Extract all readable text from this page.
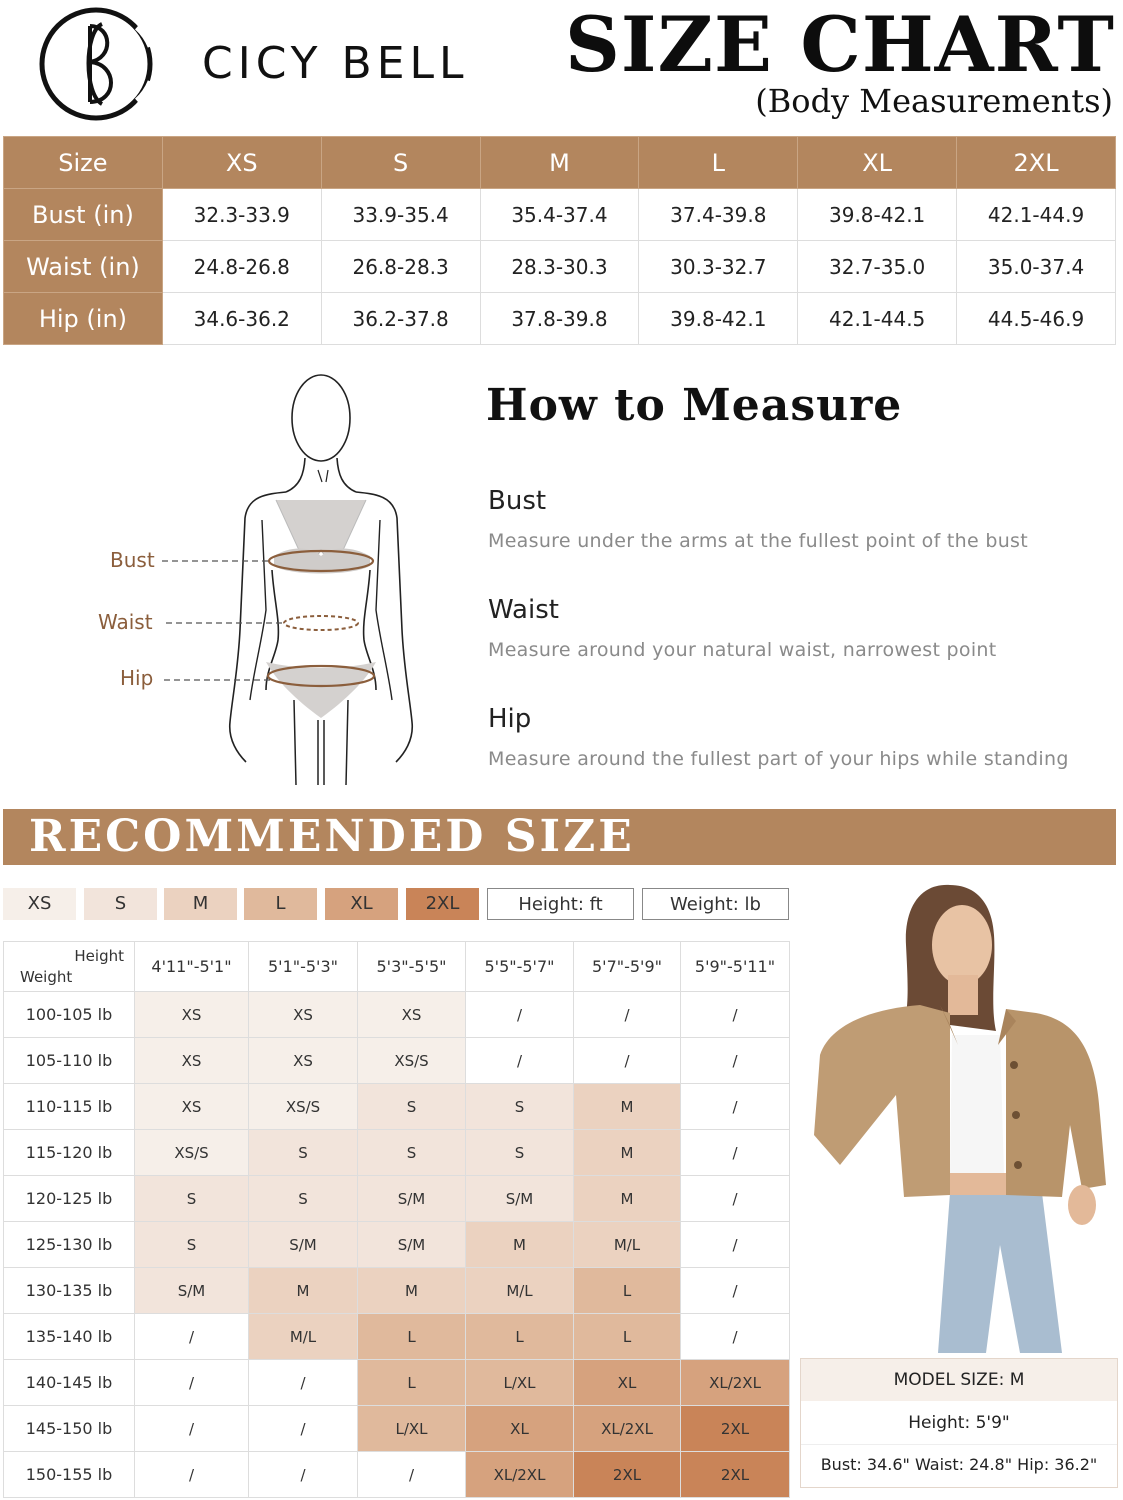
CICY BELL SIZE CHART
(Body Measurements)
Size	XS	S	M	L	XL	2XL
Bust (in)	32.3-33.9	33.9-35.4	35.4-37.4	37.4-39.8	39.8-42.1	42.1-44.9
Waist (in)	24.8-26.8	26.8-28.3	28.3-30.3	30.3-32.7	32.7-35.0	35.0-37.4
Hip (in)	34.6-36.2	36.2-37.8	37.8-39.8	39.8-42.1	42.1-44.5	44.5-46.9
Bust
Waist
Hip
How to Measure
Bust
Measure under the arms at the fullest point of the bust
Waist
Measure around your natural waist, narrowest point
Hip
Measure around the fullest part of your hips while standing
RECOMMENDED SIZE
XS	S	M	L	XL	2XL	Height: ft	Weight: lb
Height
Weight	4'11"-5'1"	5'1"-5'3"	5'3"-5'5"	5'5"-5'7"	5'7"-5'9"	5'9"-5'11"
100-105 lb	XS	XS	XS	/	/	/
105-110 lb	XS	XS	XS/S	/	/	/
110-115 lb	XS	XS/S	S	S	M	/
115-120 lb	XS/S	S	S	S	M	/
120-125 lb	S	S	S/M	S/M	M	/
125-130 lb	S	S/M	S/M	M	M/L	/
130-135 lb	S/M	M	M	M/L	L	/
135-140 lb	/	M/L	L	L	L	/
140-145 lb	/	/	L	L/XL	XL	XL/2XL
145-150 lb	/	/	L/XL	XL	XL/2XL	2XL
150-155 lb	/	/	/	XL/2XL	2XL	2XL
MODEL SIZE: M
Height: 5'9"
Bust: 34.6" Waist: 24.8" Hip: 36.2"
